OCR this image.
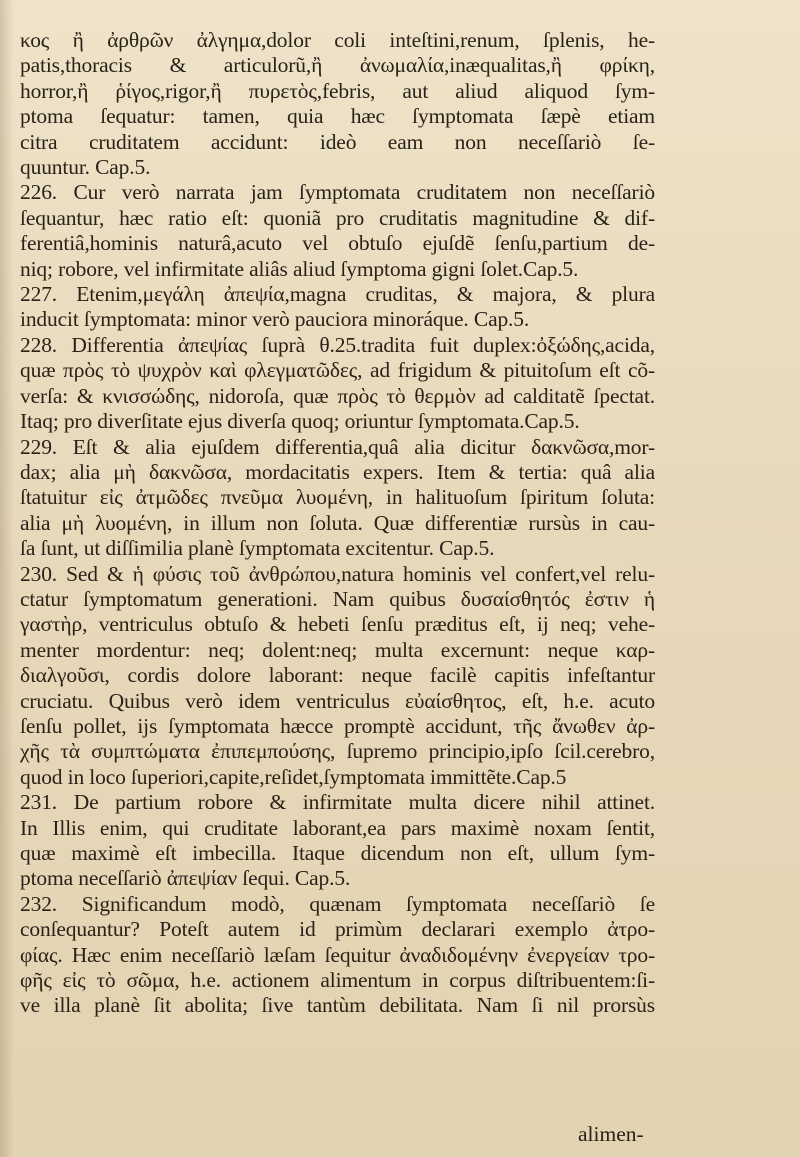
κος ἢ ἀρθρῶν ἀλγημα,dolor coli inteſtini,renum, ſplenis, he-
patis,thoracis & articulorũ,ἢ ἀνωμαλία,inæqualitas,ἢ φρίκη,
horror,ἢ ῥίγος,rigor,ἢ πυρετὸς,febris, aut aliud aliquod ſym-
ptoma ſequatur: tamen, quia hæc ſymptomata ſæpè etiam
citra cruditatem accidunt: ideò eam non neceſſariò ſe-
quuntur. Cap.5.
226. Cur verò narrata jam ſymptomata cruditatem non neceſſariò
ſequantur, hæc ratio eſt: quoniã pro cruditatis magnitudine & dif-
ferentiâ,hominis naturâ,acuto vel obtuſo ejuſdẽ ſenſu,partium de-
niq; robore, vel infirmitate aliâs aliud ſymptoma gigni ſolet.Cap.5.
227. Etenim,μεγάλη ἀπεψία,magna cruditas, & majora, & plura
inducit ſymptomata: minor verò pauciora minoráque. Cap.5.
228. Differentia ἀπεψίας ſuprà θ.25.tradita fuit duplex:ὀξώδης,acida,
quæ πρὸς τὸ ψυχρὸν καὶ φλεγματῶδες, ad frigidum & pituitoſum eſt cõ-
verſa: & κνισσώδης, nidoroſa, quæ πρὸς τὸ θερμὸν ad calditatẽ ſpectat.
Itaq; pro diverſitate ejus diverſa quoq; oriuntur ſymptomata.Cap.5.
229. Eſt & alia ejuſdem differentia,quâ alia dicitur δακνῶσα,mor-
dax; alia μὴ δακνῶσα, mordacitatis expers. Item & tertia: quâ alia
ſtatuitur εἰς ἀτμῶδες πνεῦμα λυομένη, in halituoſum ſpiritum ſoluta:
alia μὴ λυομένη, in illum non ſoluta. Quæ differentiæ rursùs in cau-
ſa ſunt, ut diſſimilia planè ſymptomata excitentur. Cap.5.
230. Sed & ἡ φύσις τοῦ ἀνθρώπου,natura hominis vel confert,vel relu-
ctatur ſymptomatum generationi. Nam quibus δυσαίσθητός ἐστιν ἡ
γαστὴρ, ventriculus obtuſo & hebeti ſenſu præditus eſt, ij neq; vehe-
menter mordentur: neq; dolent:neq; multa excernunt: neque καρ-
διαλγοῦσι, cordis dolore laborant: neque facilè capitis infeſtantur
cruciatu. Quibus verò idem ventriculus εὐαίσθητος, eſt, h.e. acuto
ſenſu pollet, ijs ſymptomata hæcce promptè accidunt, τῆς ἄνωθεν ἀρ-
χῆς τὰ συμπτώματα ἐπιπεμπούσης, ſupremo principio,ipſo ſcil.cerebro,
quod in loco ſuperiori,capite,reſidet,ſymptomata immittẽte.Cap.5
231. De partium robore & infirmitate multa dicere nihil attinet.
In Illis enim, qui cruditate laborant,ea pars maximè noxam ſentit,
quæ maximè eſt imbecilla. Itaque dicendum non eſt, ullum ſym-
ptoma neceſſariò ἀπεψίαν ſequi. Cap.5.
232. Significandum modò, quænam ſymptomata neceſſariò ſe
conſequantur? Poteſt autem id primùm declarari exemplo ἀτρο-
φίας. Hæc enim neceſſariò læſam ſequitur ἀναδιδομένην ἐνεργείαν τρο-
φῆς εἰς τὸ σῶμα, h.e. actionem alimentum in corpus diſtribuentem:ſi-
ve illa planè ſit abolita; ſive tantùm debilitata. Nam ſi nil prorsùs
alimen-
